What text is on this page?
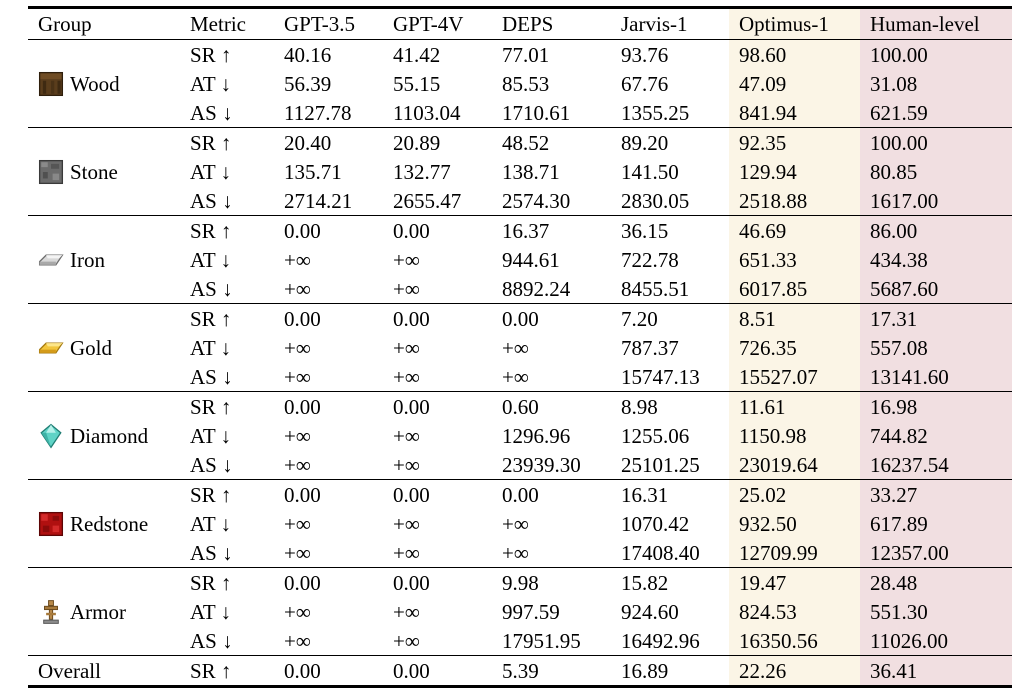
Group	Metric	GPT-3.5	GPT-4V	DEPS	Jarvis-1	Optimus-1	Human-level

Wood	SR ↑	40.16	41.42	77.01	93.76	98.60	100.00
	AT ↓	56.39	55.15	85.53	67.76	47.09	31.08
	AS ↓	1127.78	1103.04	1710.61	1355.25	841.94	621.59

Stone	SR ↑	20.40	20.89	48.52	89.20	92.35	100.00
	AT ↓	135.71	132.77	138.71	141.50	129.94	80.85
	AS ↓	2714.21	2655.47	2574.30	2830.05	2518.88	1617.00

Iron	SR ↑	0.00	0.00	16.37	36.15	46.69	86.00
	AT ↓	+∞	+∞	944.61	722.78	651.33	434.38
	AS ↓	+∞	+∞	8892.24	8455.51	6017.85	5687.60

Gold	SR ↑	0.00	0.00	0.00	7.20	8.51	17.31
	AT ↓	+∞	+∞	+∞	787.37	726.35	557.08
	AS ↓	+∞	+∞	+∞	15747.13	15527.07	13141.60

Diamond	SR ↑	0.00	0.00	0.60	8.98	11.61	16.98
	AT ↓	+∞	+∞	1296.96	1255.06	1150.98	744.82
	AS ↓	+∞	+∞	23939.30	25101.25	23019.64	16237.54

Redstone	SR ↑	0.00	0.00	0.00	16.31	25.02	33.27
	AT ↓	+∞	+∞	+∞	1070.42	932.50	617.89
	AS ↓	+∞	+∞	+∞	17408.40	12709.99	12357.00

Armor	SR ↑	0.00	0.00	9.98	15.82	19.47	28.48
	AT ↓	+∞	+∞	997.59	924.60	824.53	551.30
	AS ↓	+∞	+∞	17951.95	16492.96	16350.56	11026.00
Overall	SR ↑	0.00	0.00	5.39	16.89	22.26	36.41
